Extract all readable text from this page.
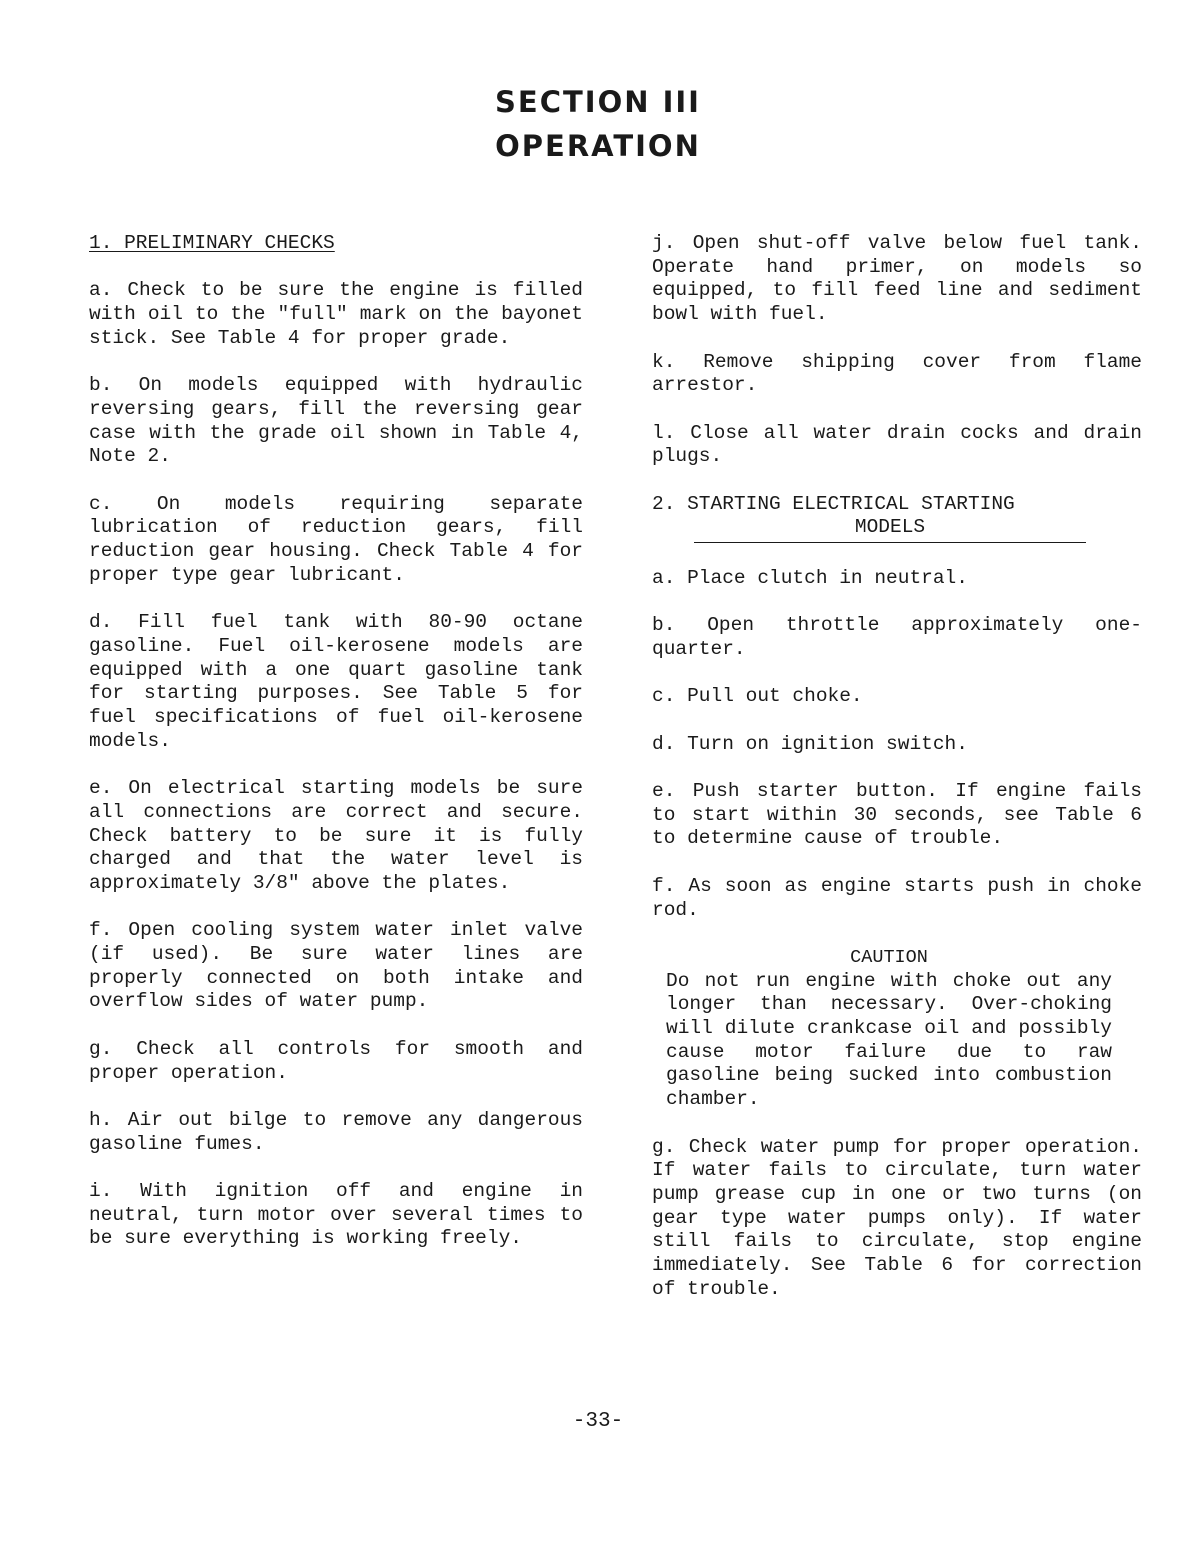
SECTION III
OPERATION
1. PRELIMINARY CHECKS

a. Check to be sure the engine is filled with oil to the "full" mark on the bayonet stick. See Table 4 for proper grade.

b. On models equipped with hydraulic reversing gears, fill the reversing gear case with the grade oil shown in Table 4, Note 2.

c. On models requiring separate lubrication of reduction gears, fill reduction gear housing. Check Table 4 for proper type gear lubricant.

d. Fill fuel tank with 80-90 octane gasoline. Fuel oil-kerosene models are equipped with a one quart gasoline tank for starting purposes. See Table 5 for fuel specifications of fuel oil-kerosene models.

e. On electrical starting models be sure all connections are correct and secure. Check battery to be sure it is fully charged and that the water level is approximately 3/8" above the plates.

f. Open cooling system water inlet valve (if used). Be sure water lines are properly connected on both intake and overflow sides of water pump.

g. Check all controls for smooth and proper operation.

h. Air out bilge to remove any dangerous gasoline fumes.

i. With ignition off and engine in neutral, turn motor over several times to be sure everything is working freely.

j. Open shut-off valve below fuel tank. Operate hand primer, on models so equipped, to fill feed line and sediment bowl with fuel.

k. Remove shipping cover from flame arrestor.

l. Close all water drain cocks and drain plugs.

2. STARTING ELECTRICAL STARTING
MODELS

a. Place clutch in neutral.

b. Open throttle approximately one-quarter.

c. Pull out choke.

d. Turn on ignition switch.

e. Push starter button. If engine fails to start within 30 seconds, see Table 6 to determine cause of trouble.

f. As soon as engine starts push in choke rod.

CAUTION
Do not run engine with choke out any longer than necessary. Over-choking will dilute crankcase oil and possibly cause motor failure due to raw gasoline being sucked into combustion chamber.

g. Check water pump for proper operation. If water fails to circulate, turn water pump grease cup in one or two turns (on gear type water pumps only). If water still fails to circulate, stop engine immediately. See Table 6 for correction of trouble.

-33-
